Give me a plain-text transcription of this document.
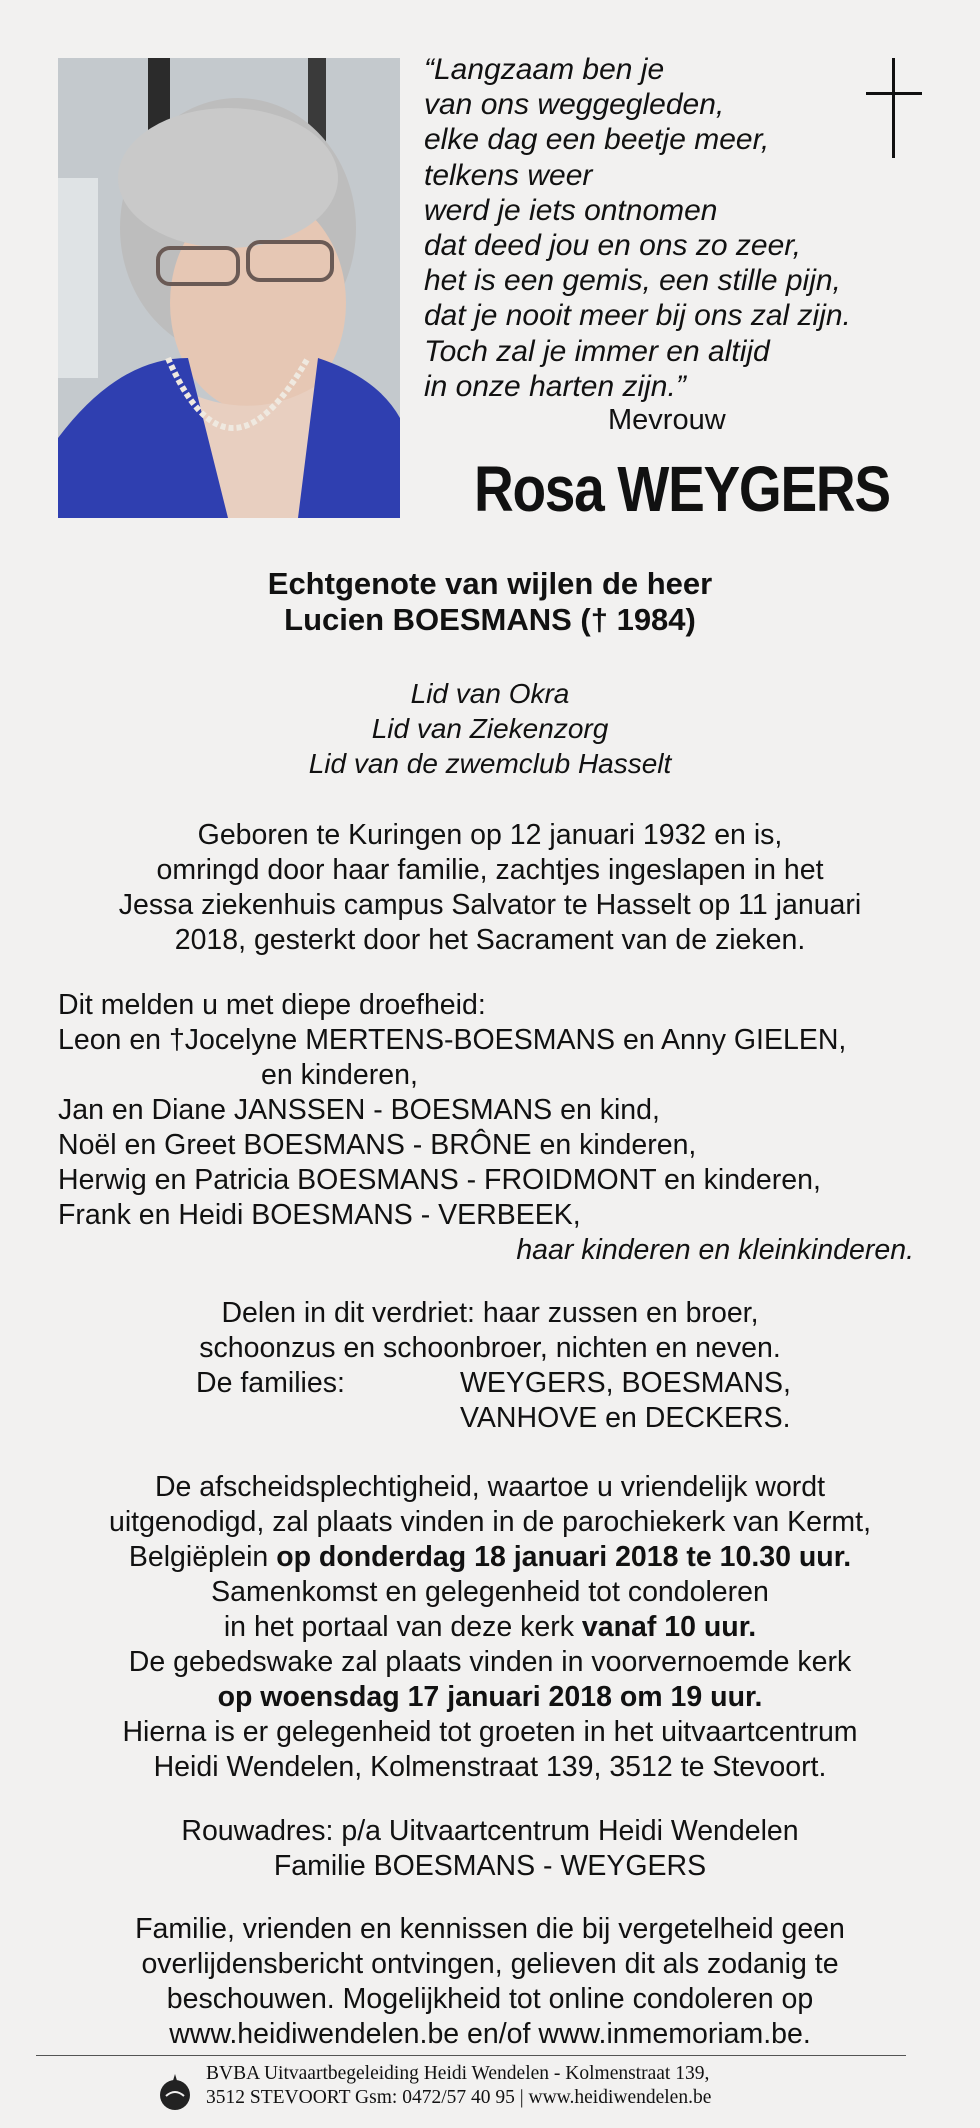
“Langzaam ben je
van ons weggegleden,
elke dag een beetje meer,
telkens weer
werd je iets ontnomen
dat deed jou en ons zo zeer,
het is een gemis, een stille pijn,
dat je nooit meer bij ons zal zijn.
Toch zal je immer en altijd
in onze harten zijn.”
Mevrouw
Rosa WEYGERS
Echtgenote van wijlen de heer
Lucien BOESMANS († 1984)
Lid van Okra
Lid van Ziekenzorg
Lid van de zwemclub Hasselt
Geboren te Kuringen op 12 januari 1932 en is,
omringd door haar familie, zachtjes ingeslapen in het
Jessa ziekenhuis campus Salvator te Hasselt op 11 januari
2018, gesterkt door het Sacrament van de zieken.
Dit melden u met diepe droefheid:
Leon en †Jocelyne MERTENS-BOESMANS en Anny GIELEN,
en kinderen,
Jan en Diane JANSSEN - BOESMANS en kind,
Noël en Greet BOESMANS - BRÔNE en kinderen,
Herwig en Patricia BOESMANS - FROIDMONT en kinderen,
Frank en Heidi BOESMANS - VERBEEK,
haar kinderen en kleinkinderen.
Delen in dit verdriet: haar zussen en broer,
schoonzus en schoonbroer, nichten en neven.
De families:	WEYGERS, BOESMANS,
VANHOVE en DECKERS.
De afscheidsplechtigheid, waartoe u vriendelijk wordt
uitgenodigd, zal plaats vinden in de parochiekerk van Kermt,
Belgiëplein op donderdag 18 januari 2018 te 10.30 uur.
Samenkomst en gelegenheid tot condoleren
in het portaal van deze kerk vanaf 10 uur.
De gebedswake zal plaats vinden in voorvernoemde kerk
op woensdag 17 januari 2018 om 19 uur.
Hierna is er gelegenheid tot groeten in het uitvaartcentrum
Heidi Wendelen, Kolmenstraat 139, 3512 te Stevoort.
Rouwadres: p/a Uitvaartcentrum Heidi Wendelen
Familie BOESMANS - WEYGERS
Familie, vrienden en kennissen die bij vergetelheid geen
overlijdensbericht ontvingen, gelieven dit als zodanig te
beschouwen. Mogelijkheid tot online condoleren op
www.heidiwendelen.be en/of www.inmemoriam.be.
BVBA Uitvaartbegeleiding Heidi Wendelen - Kolmenstraat 139,
3512 STEVOORT Gsm: 0472/57 40 95 | www.heidiwendelen.be
